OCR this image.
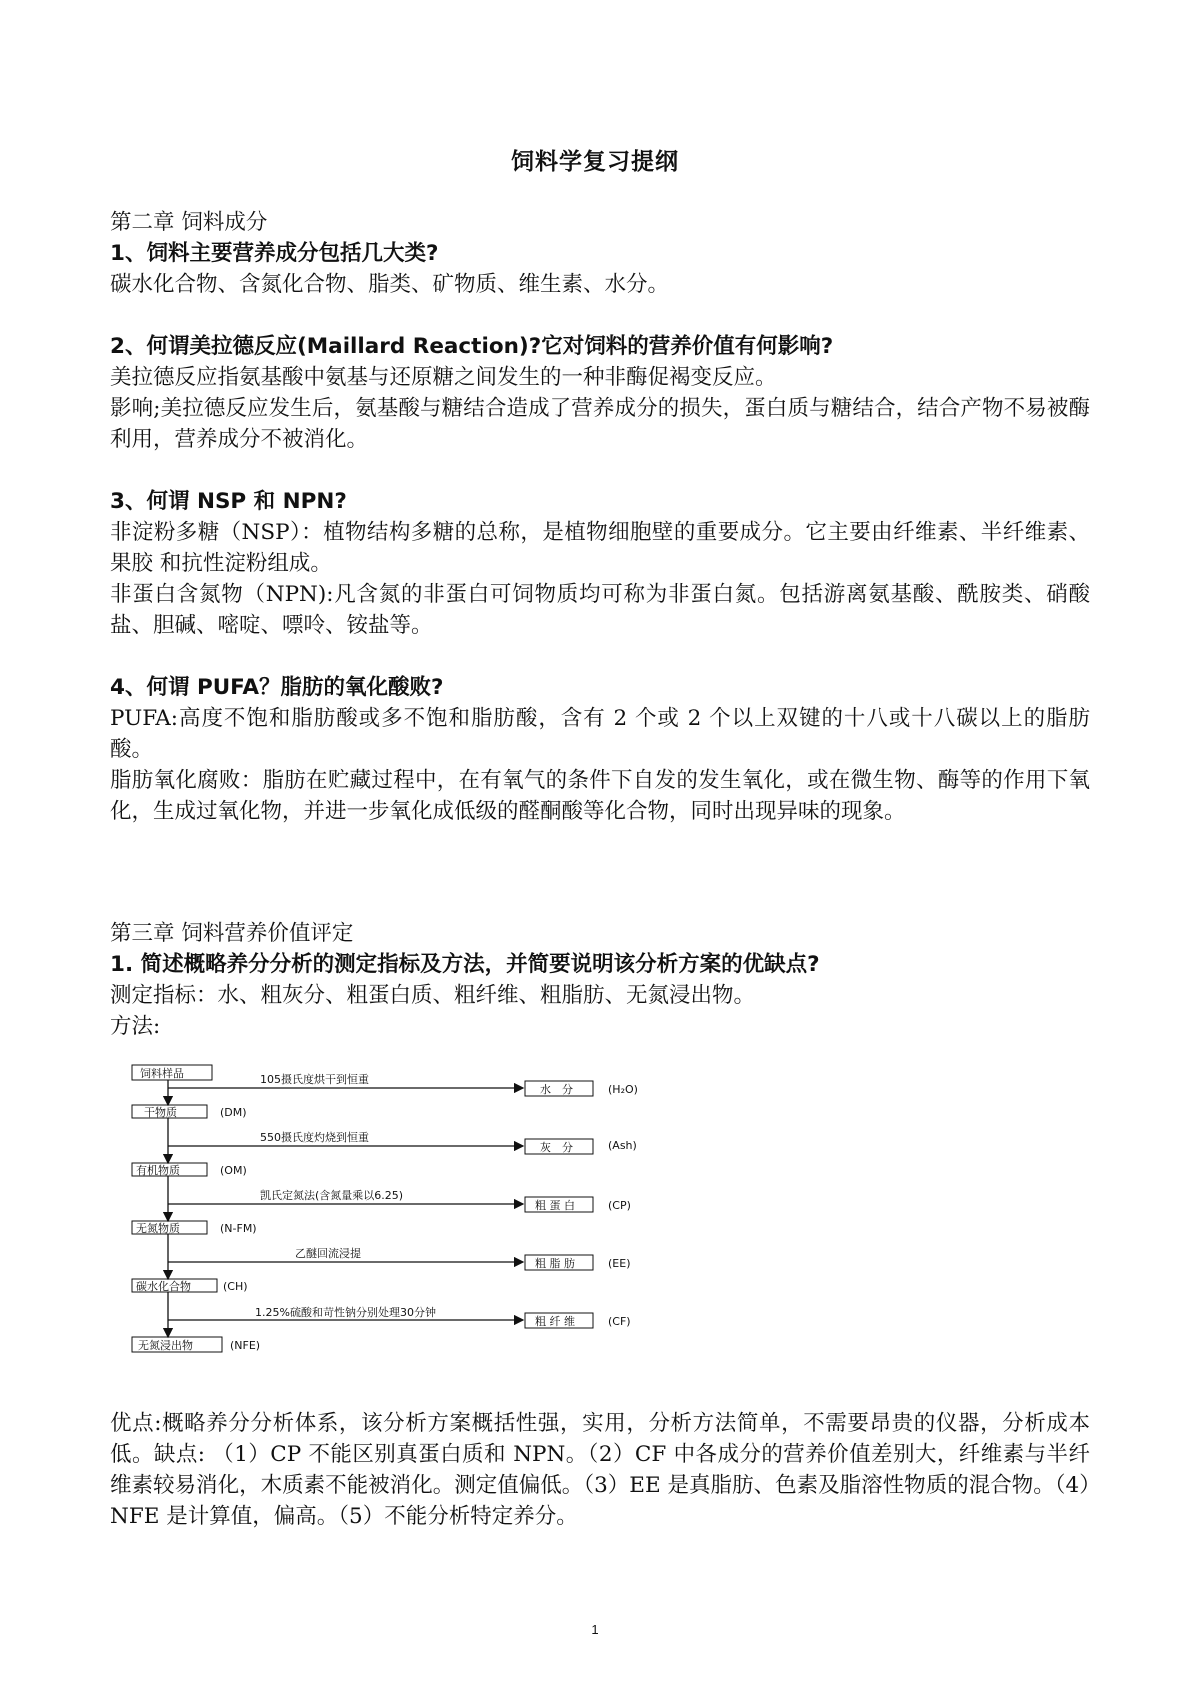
饲料学复习提纲

第二章 饲料成分

1、饲料主要营养成分包括几大类?

碳水化合物、含氮化合物、脂类、矿物质、维生素、水分。

2、何谓美拉德反应(Maillard Reaction)?它对饲料的营养价值有何影响?

美拉德反应指氨基酸中氨基与还原糖之间发生的一种非酶促褐变反应。

影响;美拉德反应发生后，氨基酸与糖结合造成了营养成分的损失，蛋白质与糖结合，结合产物不易被酶利用，营养成分不被消化。

3、何谓 NSP 和 NPN?

非淀粉多糖（NSP）：植物结构多糖的总称，是植物细胞壁的重要成分。它主要由纤维素、半纤维素、果胶 和抗性淀粉组成。

非蛋白含氮物（NPN):凡含氮的非蛋白可饲物质均可称为非蛋白氮。包括游离氨基酸、酰胺类、硝酸盐、胆碱、嘧啶、嘌呤、铵盐等。

4、何谓 PUFA？脂肪的氧化酸败?

PUFA:高度不饱和脂肪酸或多不饱和脂肪酸，含有 2 个或 2 个以上双键的十八或十八碳以上的脂肪酸。

脂肪氧化腐败：脂肪在贮藏过程中，在有氧气的条件下自发的发生氧化，或在微生物、酶等的作用下氧化，生成过氧化物，并进一步氧化成低级的醛酮酸等化合物，同时出现异味的现象。

第三章 饲料营养价值评定

1. 简述概略养分分析的测定指标及方法，并简要说明该分析方案的优缺点?

测定指标：水、粗灰分、粗蛋白质、粗纤维、粗脂肪、无氮浸出物。

方法:

饲料样品
干物质	(DM)
有机物质	(OM)
无氮物质	(N-FM)
碳水化合物	(CH)
无氮浸出物	(NFE)
105摄氏度烘干到恒重
550摄氏度灼烧到恒重
凯氏定氮法(含氮量乘以6.25)
乙醚回流浸提
1.25%硫酸和苛性钠分别处理30分钟
水　分	(H₂O)
灰　分	(Ash)
粗 蛋 白	(CP)
粗 脂 肪	(EE)
粗 纤 维	(CF)

优点:概略养分分析体系，该分析方案概括性强，实用，分析方法简单，不需要昂贵的仪器，分析成本低。缺点: （1）CP 不能区别真蛋白质和 NPN。（2）CF 中各成分的营养价值差别大，纤维素与半纤维素较易消化，木质素不能被消化。测定值偏低。（3）EE 是真脂肪、色素及脂溶性物质的混合物。（4）NFE 是计算值，偏高。（5）不能分析特定养分。

1
